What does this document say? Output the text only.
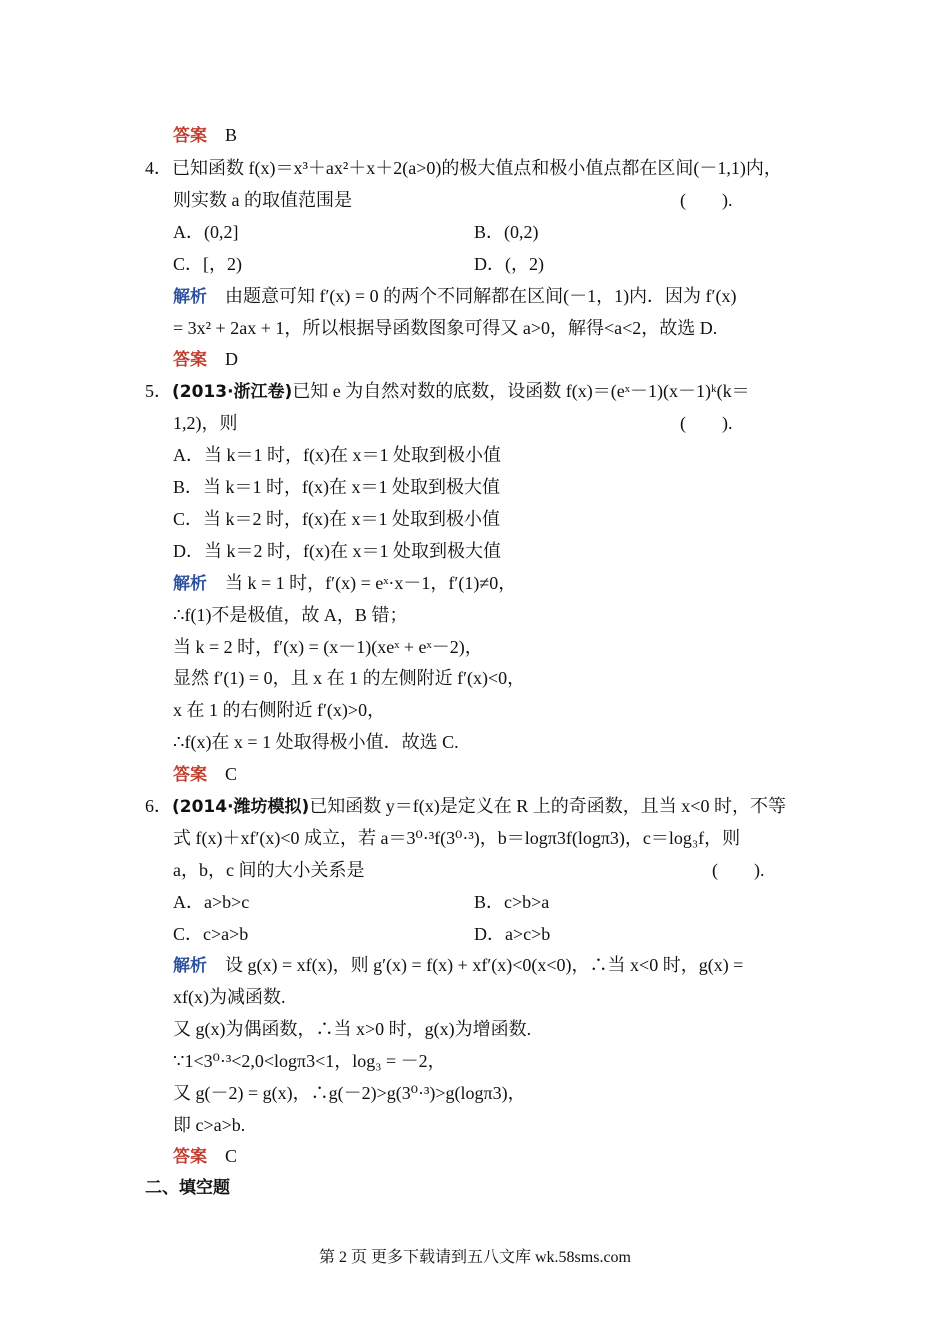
答案 B
4．已知函数 f(x)＝x³＋ax²＋x＋2(a>0)的极大值点和极小值点都在区间(－1,1)内，
则实数 a 的取值范围是	(　　).
A．(0,2]	B．(0,2)
C．[，2)	D．(，2)
解析 由题意可知 f′(x) = 0 的两个不同解都在区间(－1，1)内．因为 f′(x)
= 3x² + 2ax + 1，所以根据导函数图象可得又 a>0，解得<a<2，故选 D.
答案 D
5．(2013·浙江卷)已知 e 为自然对数的底数，设函数 f(x)＝(eˣ－1)(x－1)ᵏ(k＝
1,2)，则	(　　).
A．当 k＝1 时，f(x)在 x＝1 处取到极小值
B．当 k＝1 时，f(x)在 x＝1 处取到极大值
C．当 k＝2 时，f(x)在 x＝1 处取到极小值
D．当 k＝2 时，f(x)在 x＝1 处取到极大值
解析 当 k = 1 时，f′(x) = eˣ·x－1，f′(1)≠0，
∴f(1)不是极值，故 A，B 错；
当 k = 2 时，f′(x) = (x－1)(xeˣ + eˣ－2)，
显然 f′(1) = 0，且 x 在 1 的左侧附近 f′(x)<0，
x 在 1 的右侧附近 f′(x)>0，
∴f(x)在 x = 1 处取得极小值．故选 C.
答案 C
6．(2014·潍坊模拟)已知函数 y＝f(x)是定义在 R 上的奇函数，且当 x<0 时，不等
式 f(x)＋xf′(x)<0 成立，若 a＝3⁰·³f(3⁰·³)，b＝logπ3f(logπ3)，c＝log₃f，则
a，b，c 间的大小关系是	(　　).
A．a>b>c	B．c>b>a
C．c>a>b	D．a>c>b
解析 设 g(x) = xf(x)，则 g′(x) = f(x) + xf′(x)<0(x<0)，∴当 x<0 时，g(x) =
xf(x)为减函数.
又 g(x)为偶函数，∴当 x>0 时，g(x)为增函数.
∵1<3⁰·³<2,0<logπ3<1，log₃ = －2，
又 g(－2) = g(x)，∴g(－2)>g(3⁰·³)>g(logπ3)，
即 c>a>b.
答案 C
二、填空题
第 2 页 更多下载请到五八文库 wk.58sms.com
